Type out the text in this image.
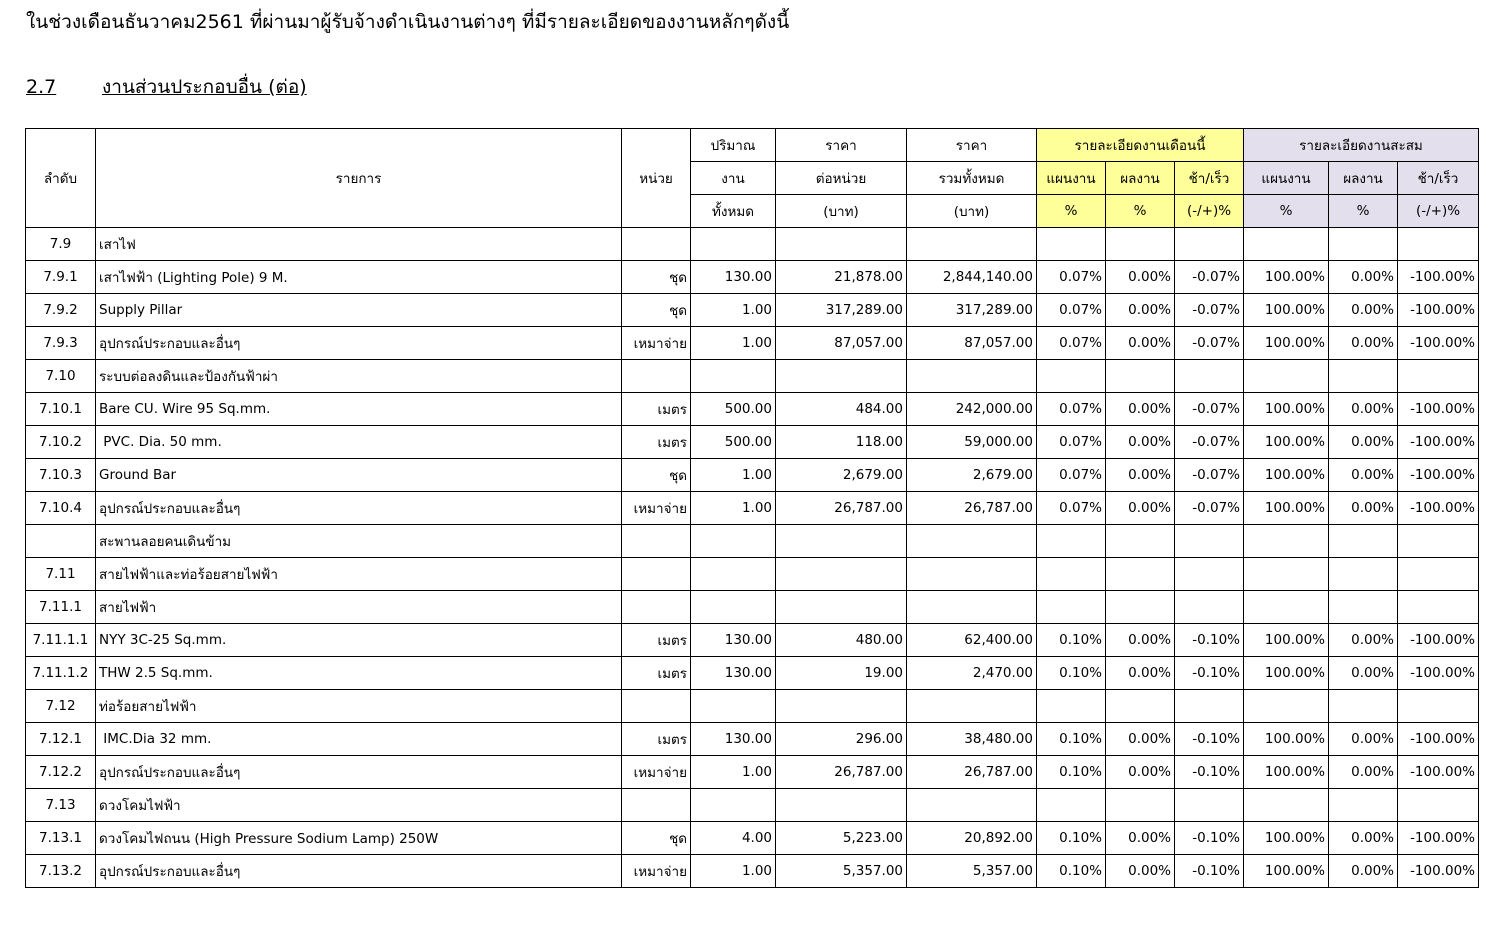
ในช่วงเดือนธันวาคม2561 ที่ผ่านมาผู้รับจ้างดำเนินงานต่างๆ ที่มีรายละเอียดของงานหลักๆดังนี้
2.7 งานส่วนประกอบอื่น (ต่อ)
ลำดับ	รายการ	หน่วย	ปริมาณ	ราคา	ราคา	รายละเอียดงานเดือนนี้			รายละเอียดงานสะสม		
			งาน	ต่อหน่วย	รวมทั้งหมด	แผนงาน	ผลงาน	ช้า/เร็ว	แผนงาน	ผลงาน	ช้า/เร็ว
			ทั้งหมด	(บาท)	(บาท)	%	%	(-/+)%	%	%	(-/+)%
7.9	เสาไฟ										
7.9.1	เสาไฟฟ้า (Lighting Pole) 9 M.	ชุด	130.00	21,878.00	2,844,140.00	0.07%	0.00%	-0.07%	100.00%	0.00%	-100.00%
7.9.2	Supply Pillar	ชุด	1.00	317,289.00	317,289.00	0.07%	0.00%	-0.07%	100.00%	0.00%	-100.00%
7.9.3	อุปกรณ์ประกอบและอื่นๆ	เหมาจ่าย	1.00	87,057.00	87,057.00	0.07%	0.00%	-0.07%	100.00%	0.00%	-100.00%
7.10	ระบบต่อลงดินและป้องกันฟ้าผ่า										
7.10.1	Bare CU. Wire 95 Sq.mm.	เมตร	500.00	484.00	242,000.00	0.07%	0.00%	-0.07%	100.00%	0.00%	-100.00%
7.10.2	PVC. Dia. 50 mm.	เมตร	500.00	118.00	59,000.00	0.07%	0.00%	-0.07%	100.00%	0.00%	-100.00%
7.10.3	Ground Bar	ชุด	1.00	2,679.00	2,679.00	0.07%	0.00%	-0.07%	100.00%	0.00%	-100.00%
7.10.4	อุปกรณ์ประกอบและอื่นๆ	เหมาจ่าย	1.00	26,787.00	26,787.00	0.07%	0.00%	-0.07%	100.00%	0.00%	-100.00%
	สะพานลอยคนเดินข้าม										
7.11	สายไฟฟ้าและท่อร้อยสายไฟฟ้า										
7.11.1	สายไฟฟ้า										
7.11.1.1	NYY 3C-25 Sq.mm.	เมตร	130.00	480.00	62,400.00	0.10%	0.00%	-0.10%	100.00%	0.00%	-100.00%
7.11.1.2	THW 2.5 Sq.mm.	เมตร	130.00	19.00	2,470.00	0.10%	0.00%	-0.10%	100.00%	0.00%	-100.00%
7.12	ท่อร้อยสายไฟฟ้า										
7.12.1	IMC.Dia 32 mm.	เมตร	130.00	296.00	38,480.00	0.10%	0.00%	-0.10%	100.00%	0.00%	-100.00%
7.12.2	อุปกรณ์ประกอบและอื่นๆ	เหมาจ่าย	1.00	26,787.00	26,787.00	0.10%	0.00%	-0.10%	100.00%	0.00%	-100.00%
7.13	ดวงโคมไฟฟ้า										
7.13.1	ดวงโคมไฟถนน (High Pressure Sodium Lamp) 250W	ชุด	4.00	5,223.00	20,892.00	0.10%	0.00%	-0.10%	100.00%	0.00%	-100.00%
7.13.2	อุปกรณ์ประกอบและอื่นๆ	เหมาจ่าย	1.00	5,357.00	5,357.00	0.10%	0.00%	-0.10%	100.00%	0.00%	-100.00%
